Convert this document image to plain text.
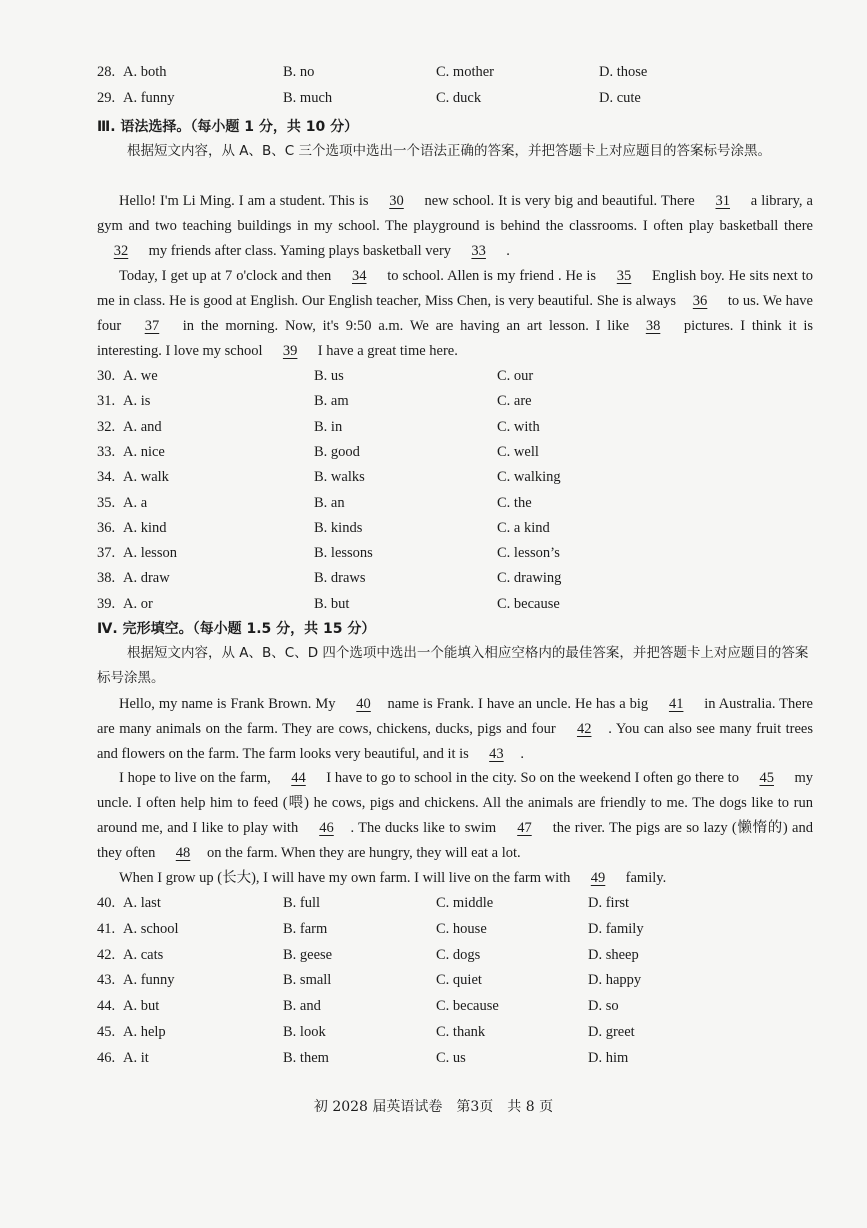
28. A. both	B. no	C. mother	D. those
29. A. funny	B. much	C. duck	D. cute
Ⅲ. 语法选择。（每小题 1 分，共 10 分）
根据短文内容，从 A、B、C 三个选项中选出一个语法正确的答案，并把答题卡上对应题目的答案标号涂黑。
Hello! I'm Li Ming. I am a student. This is 30 new school. It is very big and beautiful. There 31 a library, a gym and two teaching buildings in my school. The playground is behind the classrooms. I often play basketball there 32 my friends after class. Yaming plays basketball very 33 .
Today, I get up at 7 o'clock and then 34 to school. Allen is my friend . He is 35 English boy. He sits next to me in class. He is good at English. Our English teacher, Miss Chen, is very beautiful. She is always 36 to us. We have four 37 in the morning. Now, it's 9:50 a.m. We are having an art lesson. I like 38 pictures. I think it is interesting. I love my school 39 I have a great time here.
30. A. we	B. us	C. our
31. A. is	B. am	C. are
32. A. and	B. in	C. with
33. A. nice	B. good	C. well
34. A. walk	B. walks	C. walking
35. A. a	B. an	C. the
36. A. kind	B. kinds	C. a kind
37. A. lesson	B. lessons	C. lesson’s
38. A. draw	B. draws	C. drawing
39. A. or	B. but	C. because
Ⅳ. 完形填空。（每小题 1.5 分，共 15 分）
根据短文内容，从 A、B、C、D 四个选项中选出一个能填入相应空格内的最佳答案，并把答题卡上对应题目的答案标号涂黑。
Hello, my name is Frank Brown. My 40 name is Frank. I have an uncle. He has a big 41 in Australia. There are many animals on the farm. They are cows, chickens, ducks, pigs and four 42 . You can also see many fruit trees and flowers on the farm. The farm looks very beautiful, and it is 43 .
I hope to live on the farm, 44 I have to go to school in the city. So on the weekend I often go there to 45 my uncle. I often help him to feed (喂) he cows, pigs and chickens. All the animals are friendly to me. The dogs like to run around me, and I like to play with 46 . The ducks like to swim 47 the river. The pigs are so lazy (懒惰的) and they often 48 on the farm. When they are hungry, they will eat a lot.
When I grow up (长大), I will have my own farm. I will live on the farm with 49 family.
40. A. last	B. full	C. middle	D. first
41. A. school	B. farm	C. house	D. family
42. A. cats	B. geese	C. dogs	D. sheep
43. A. funny	B. small	C. quiet	D. happy
44. A. but	B. and	C. because	D. so
45. A. help	B. look	C. thank	D. greet
46. A. it	B. them	C. us	D. him
初 2028 届英语试卷　第3页　共 8 页
